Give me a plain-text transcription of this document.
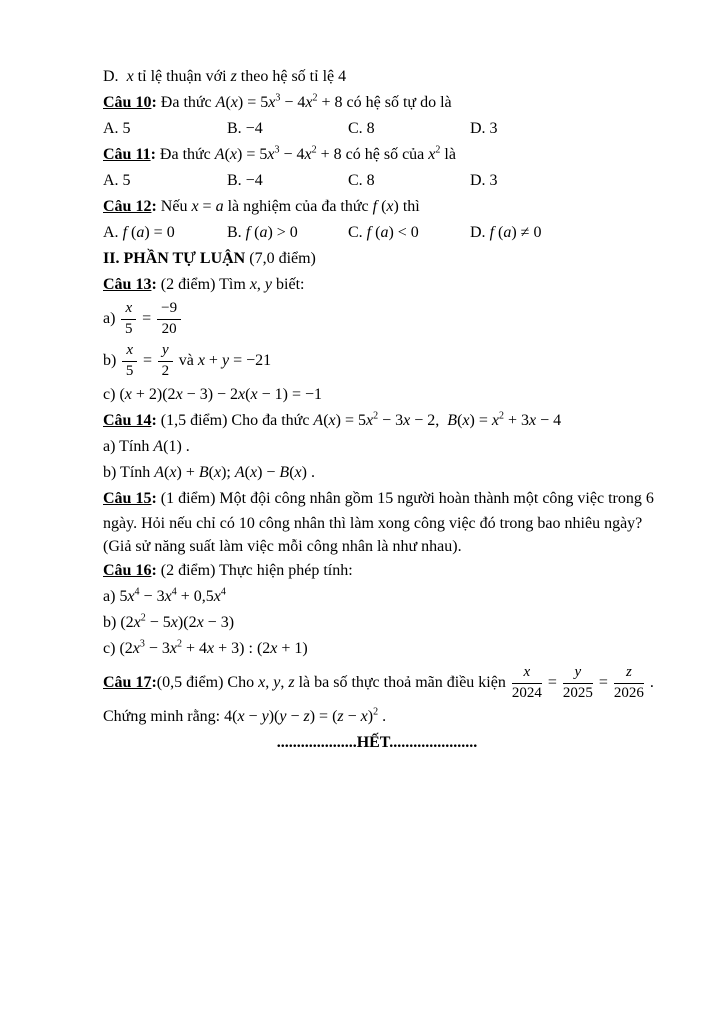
D.  x tỉ lệ thuận với z theo hệ số tỉ lệ 4
Câu 10: Đa thức $A(x) = 5x^3 - 4x^2 + 8$ có hệ số tự do là
A. 5	B. −4	C. 8	D. 3
Câu 11: Đa thức $A(x) = 5x^3 - 4x^2 + 8$ có hệ số của $x^2$ là
A. 5	B. −4	C. 8	D. 3
Câu 12: Nếu x = a là nghiệm của đa thức f (x) thì
A. f (a) = 0	B. f (a) > 0	C. f (a) < 0	D. f (a) ≠ 0
II. PHẦN TỰ LUẬN (7,0 điểm)
Câu 13: (2 điểm) Tìm x, y biết:
$a) \frac{x}{5} = \frac{-9}{20}$
$b) \frac{x}{5} = \frac{y}{2}$ và x + y = −21
c) (x + 2)(2x − 3) − 2x(x − 1) = −1
Câu 14: (1,5 điểm) Cho đa thức $A(x) = 5x^2 - 3x - 2$,  $B(x) = x^2 + 3x - 4$
a) Tính A(1) .
b) Tính A(x) + B(x); A(x) − B(x) .
Câu 15: (1 điểm) Một đội công nhân gồm 15 người hoàn thành một công việc trong 6
ngày. Hỏi nếu chỉ có 10 công nhân thì làm xong công việc đó trong bao nhiêu ngày?
(Giả sử năng suất làm việc mỗi công nhân là như nhau).
Câu 16: (2 điểm) Thực hiện phép tính:
a) $5x^4 - 3x^4 + 0,5x^4$
b) $(2x^2 - 5x)(2x - 3)$
c) $(2x^3 - 3x^2 + 4x + 3)$ : (2x + 1)
Câu 17 : (0,5 điểm) Cho x, y, z là ba số thực thoả mãn điều kiện $\frac{x}{2024} = \frac{y}{2025} = \frac{z}{2026}$ .
Chứng minh rằng: $4(x - y)(y - z) = (z - x)^2$ .
....................HẾT......................
